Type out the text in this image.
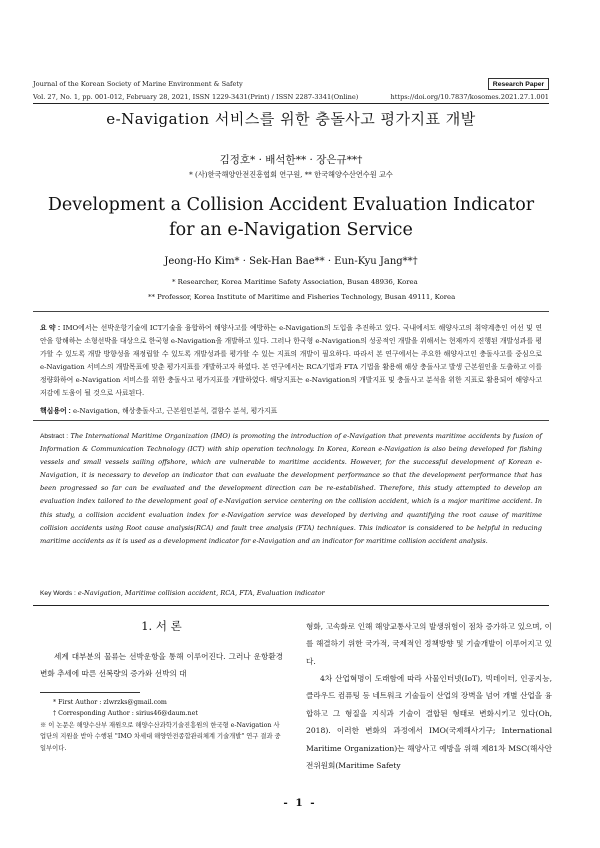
Journal of the Korean Society of Marine Environment & Safety	Research Paper
Vol. 27, No. 1, pp. 001-012, February 28, 2021, ISSN 1229-3431(Print) / ISSN 2287-3341(Online)	https://doi.org/10.7837/kosomes.2021.27.1.001
e-Navigation 서비스를 위한 충돌사고 평가지표 개발
김정호* · 배석한** · 장은규**†
* (사)한국해양안전진흥협회 연구원, ** 한국해양수산연수원 교수
Development a Collision Accident Evaluation Indicator
for an e-Navigation Service
Jeong-Ho Kim* · Sek-Han Bae** · Eun-Kyu Jang**†
* Researcher, Korea Maritime Safety Association, Busan 48936, Korea
** Professor, Korea Institute of Maritime and Fisheries Technology, Busan 49111, Korea
요 약 : IMO에서는 선박운항기술에 ICT기술을 융합하여 해양사고를 예방하는 e-Navigation의 도입을 추진하고 있다. 국내에서도 해양사고의 취약계층인 어선 및 연안을 항해하는 소형선박을 대상으로 한국형 e-Navigation을 개발하고 있다. 그러나 한국형 e-Navigation의 성공적인 개발을 위해서는 현재까지 진행된 개발성과를 평가할 수 있도록 개발 방향성을 재정립할 수 있도록 개발성과를 평가할 수 있는 지표의 개발이 필요하다. 따라서 본 연구에서는 주요한 해양사고인 충돌사고를 중심으로 e-Navigation 서비스의 개발목표에 맞춘 평가지표를 개발하고자 하였다. 본 연구에서는 RCA기법과 FTA 기법을 활용해 해상 충돌사고 발생 근본원인을 도출하고 이를 정량화하여 e-Navigation 서비스를 위한 충돌사고 평가지표를 개발하였다. 해당지표는 e-Navigation의 개발지표 및 충돌사고 분석을 위한 지표로 활용되어 해양사고 저감에 도움이 될 것으로 사료된다.
핵심용어 : e-Navigation, 해상충돌사고, 근본원인분석, 결함수 분석, 평가지표
Abstract : The International Maritime Organization (IMO) is promoting the introduction of e-Navigation that prevents maritime accidents by fusion of Information & Communication Technology (ICT) with ship operation technology. In Korea, Korean e-Navigation is also being developed for fishing vessels and small vessels sailing offshore, which are vulnerable to maritime accidents. However, for the successful development of Korean e-Navigation, it is necessary to develop an indicator that can evaluate the development performance so that the development performance that has been progressed so far can be evaluated and the development direction can be re-established. Therefore, this study attempted to develop an evaluation index tailored to the development goal of e-Navigation service centering on the collision accident, which is a major maritime accident. In this study, a collision accident evaluation index for e-Navigation service was developed by deriving and quantifying the root cause of maritime collision accidents using Root cause analysis(RCA) and fault tree analysis (FTA) techniques. This indicator is considered to be helpful in reducing maritime accidents as it is used as a development indicator for e-Navigation and an indicator for maritime collision accident analysis.
Key Words : e-Navigation, Maritime collision accident, RCA, FTA, Evaluation indicator
1. 서 론
세계 대부분의 물류는 선박운항을 통해 이루어진다. 그러나 운항환경 변화 추세에 따른 선복량의 증가와 선박의 대
* First Author : zlwrzks@gmail.com
† Corresponding Author : sirius46@daum.net
※ 이 논문은 해양수산부 재원으로 해양수산과학기술진흥원의 한국형 e-Navigation 사업단의 지원을 받아 수행된 "IMO 차세대 해양안전종합관리체계 기술개발" 연구 결과 중 일부이다.
형화, 고속화로 인해 해양교통사고의 발생위험이 점차 증가하고 있으며, 이를 해결하기 위한 국가적, 국제적인 정책방향 및 기술개발이 이루어지고 있다.
4차 산업혁명이 도래함에 따라 사물인터넷(IoT), 빅데이터, 인공지능, 클라우드 컴퓨팅 등 네트워크 기술들이 산업의 장벽을 넘어 개별 산업을 융합하고 그 형질을 지식과 기술이 결합된 형태로 변화시키고 있다(Oh, 2018). 이러한 변화의 과정에서 IMO(국제해사기구; International Maritime Organization)는 해양사고 예방을 위해 제81차 MSC(해사안전위원회(Maritime Safety
- 1 -
